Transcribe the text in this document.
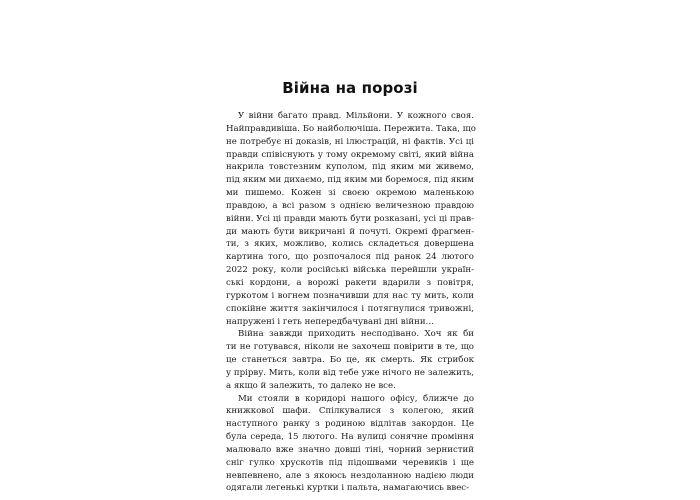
Війна на порозі
У війни багато правд. Мільйони. У кожного своя.
Найправдивіша. Бо найболючіша. Пережита. Така, що
не потребує ні доказів, ні ілюстрацій, ні фактів. Усі ці
правди співіснують у тому окремому світі, який війна
накрила товстезним куполом, під яким ми живемо,
під яким ми дихаємо, під яким ми боремося, під яким
ми пишемо. Кожен зі своєю окремою маленькою
правдою, а всі разом з однією величезною правдою
війни. Усі ці правди мають бути розказані, усі ці прав-
ди мають бути викричані й почуті. Окремі фрагмен-
ти, з яких, можливо, колись складеться довершена
картина того, що розпочалося під ранок 24 лютого
2022 року, коли російські війська перейшли україн-
ські кордони, а ворожі ракети вдарили з повітря,
гуркотом і вогнем позначивши для нас ту мить, коли
спокійне життя закінчилося і потягнулися тривожні,
напружені і геть непередбачувані дні війни…
Війна завжди приходить несподівано. Хоч як би
ти не готувався, ніколи не захочеш повірити в те, що
це станеться завтра. Бо це, як смерть. Як стрибок
у прірву. Мить, коли від тебе уже нічого не залежить,
а якщо й залежить, то далеко не все.
Ми стояли в коридорі нашого офісу, ближче до
книжкової шафи. Спілкувалися з колегою, який
наступного ранку з родиною відлітав закордон. Це
була середа, 15 лютого. На вулиці сонячне проміння
малювало вже значно довші тіні, чорний зернистий
сніг гулко хрускотів під підошвами черевиків і ще
невпевнено, але з якоюсь нездоланною надією люди
одягали легенькі куртки і пальта, намагаючись ввес-
